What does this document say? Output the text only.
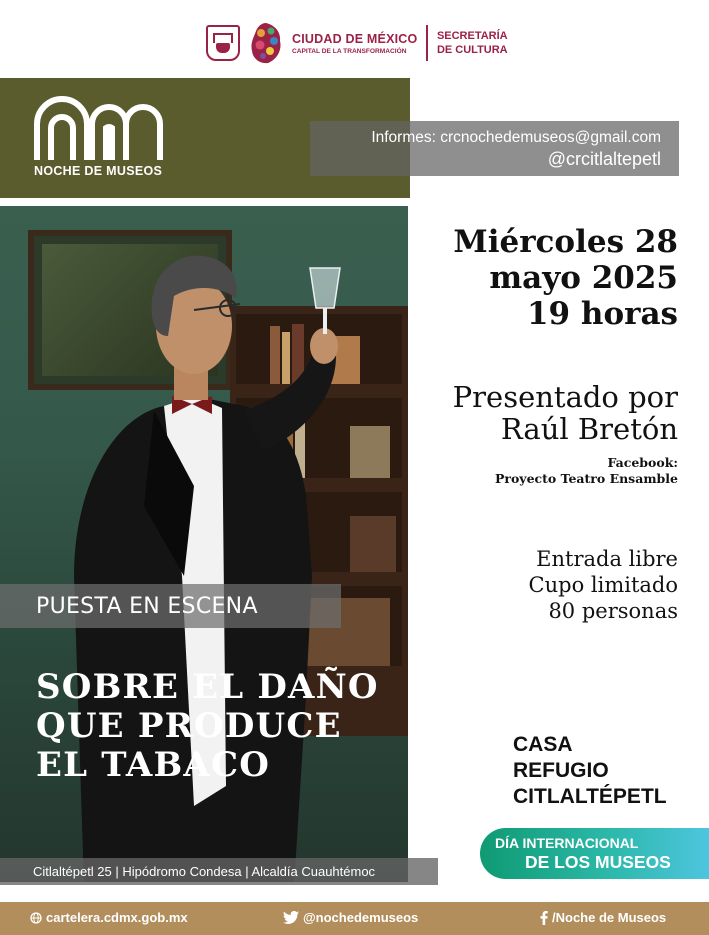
CIUDAD DE MÉXICO
CAPITAL DE LA TRANSFORMACIÓN
SECRETARÍA
DE CULTURA
NOCHE DE MUSEOS
Informes: crcnochedemuseos@gmail.com
@crcitlaltepetl
PUESTA EN ESCENA
SOBRE EL DAÑO
QUE PRODUCE
EL TABACO
Citlaltépetl 25 | Hipódromo Condesa | Alcaldía Cuauhtémoc
Miércoles 28
mayo 2025
19 horas
Presentado por
Raúl Bretón
Facebook:
Proyecto Teatro Ensamble
Entrada libre
Cupo limitado
80 personas
CASA
REFUGIO
CITLALTÉPETL
DÍA INTERNACIONAL
DE LOS MUSEOS
cartelera.cdmx.gob.mx	@nochedemuseos	/Noche de Museos
